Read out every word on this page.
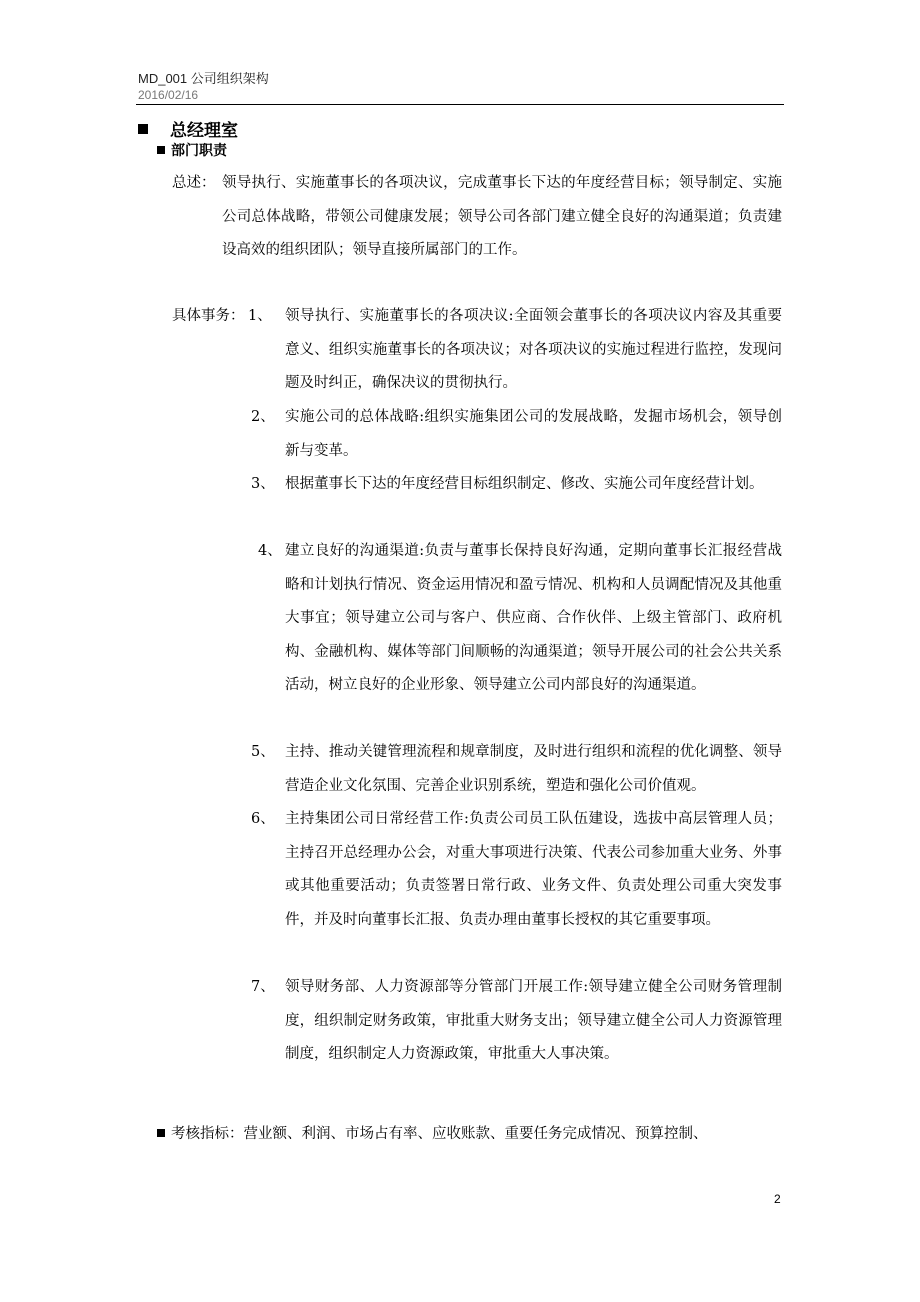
MD_001 公司组织架构
2016/02/16
总经理室
部门职责
总述： 领导执行、实施董事长的各项决议，完成董事长下达的年度经营目标；领导制定、实施公司总体战略，带领公司健康发展；领导公司各部门建立健全良好的沟通渠道；负责建设高效的组织团队；领导直接所属部门的工作。
具体事务： 1、 领导执行、实施董事长的各项决议:全面领会董事长的各项决议内容及其重要意义、组织实施董事长的各项决议；对各项决议的实施过程进行监控，发现问题及时纠正，确保决议的贯彻执行。
2、 实施公司的总体战略:组织实施集团公司的发展战略，发掘市场机会，领导创新与变革。
3、 根据董事长下达的年度经营目标组织制定、修改、实施公司年度经营计划。
4、 建立良好的沟通渠道:负责与董事长保持良好沟通，定期向董事长汇报经营战略和计划执行情况、资金运用情况和盈亏情况、机构和人员调配情况及其他重大事宜；领导建立公司与客户、供应商、合作伙伴、上级主管部门、政府机构、金融机构、媒体等部门间顺畅的沟通渠道；领导开展公司的社会公共关系活动，树立良好的企业形象、领导建立公司内部良好的沟通渠道。
5、 主持、推动关键管理流程和规章制度，及时进行组织和流程的优化调整、领导营造企业文化氛围、完善企业识别系统，塑造和强化公司价值观。
6、 主持集团公司日常经营工作:负责公司员工队伍建设，选拔中高层管理人员；主持召开总经理办公会，对重大事项进行决策、代表公司参加重大业务、外事或其他重要活动；负责签署日常行政、业务文件、负责处理公司重大突发事件，并及时向董事长汇报、负责办理由董事长授权的其它重要事项。
7、 领导财务部、人力资源部等分管部门开展工作:领导建立健全公司财务管理制度，组织制定财务政策，审批重大财务支出；领导建立健全公司人力资源管理制度，组织制定人力资源政策，审批重大人事决策。
考核指标：营业额、利润、市场占有率、应收账款、重要任务完成情况、预算控制、
2
